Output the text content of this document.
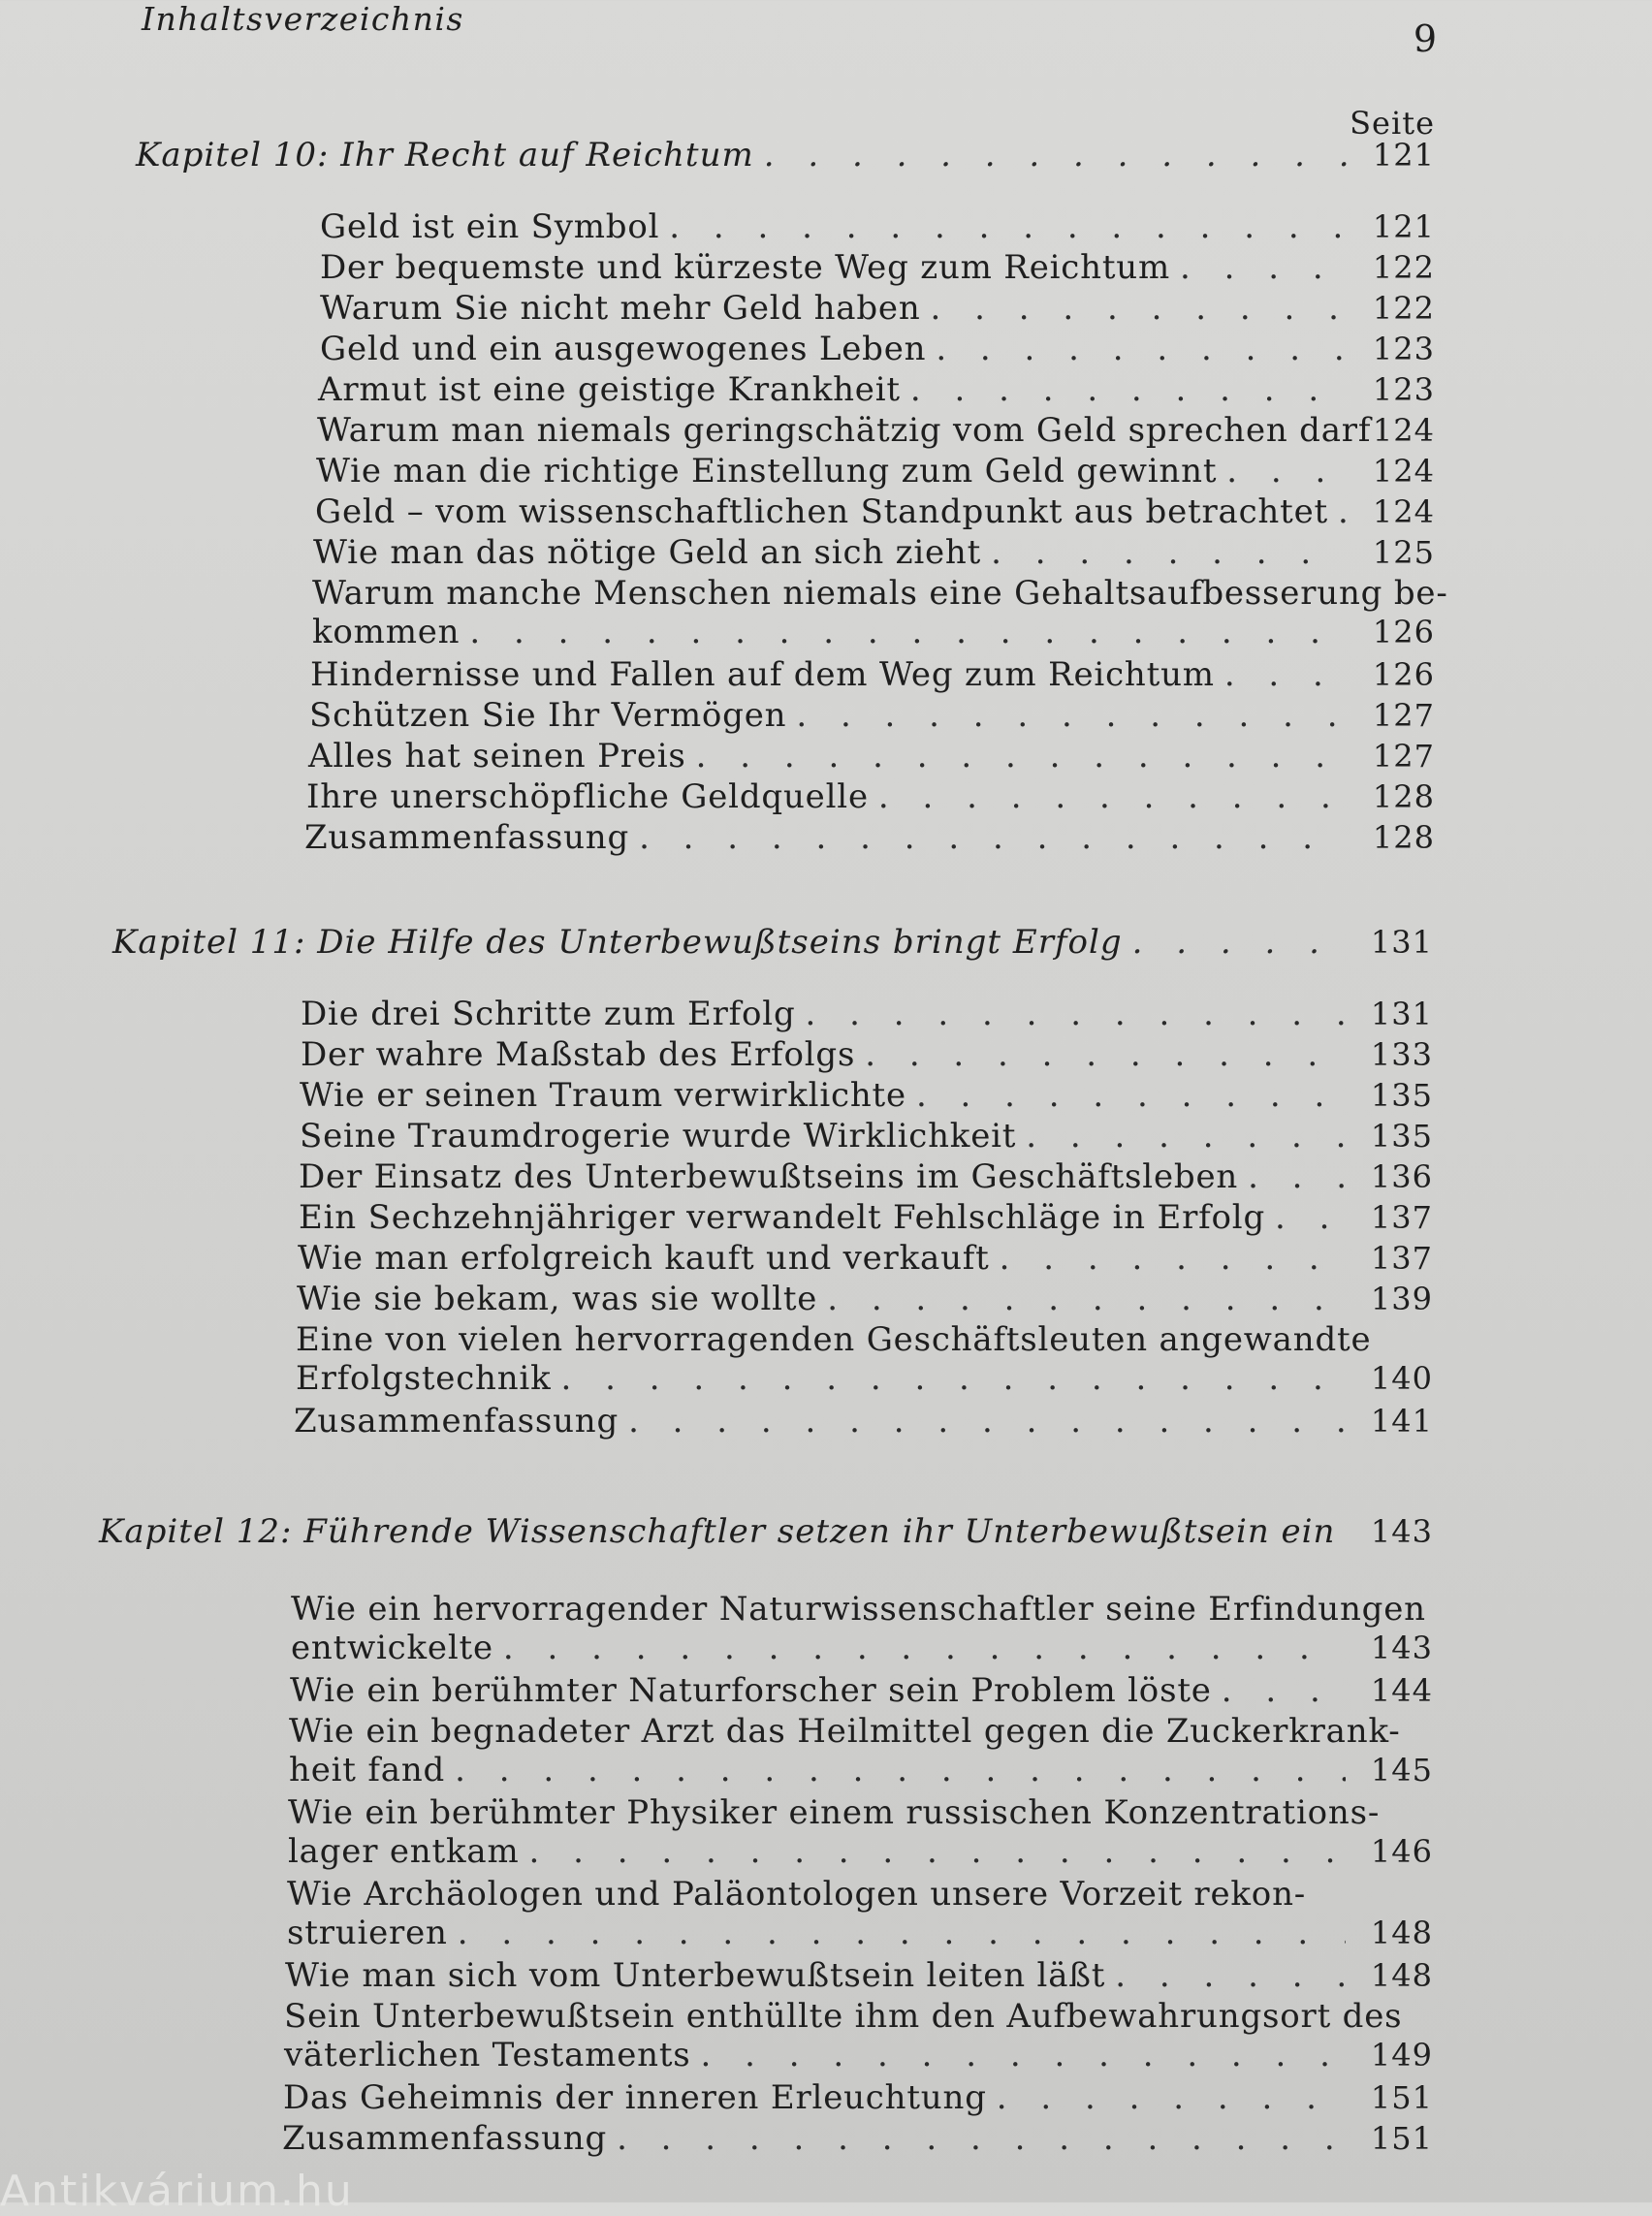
Inhaltsverzeichnis	9
Seite
Kapitel 10: Ihr Recht auf Reichtum . . .	121
Geld ist ein Symbol . . .	121
Der bequemste und kürzeste Weg zum Reichtum . . .	122
Warum Sie nicht mehr Geld haben . . .	122
Geld und ein ausgewogenes Leben . . .	123
Armut ist eine geistige Krankheit . . .	123
Warum man niemals geringschätzig vom Geld sprechen darf . . . 124
Wie man die richtige Einstellung zum Geld gewinnt . . .	124
Geld – vom wissenschaftlichen Standpunkt aus betrachtet . . .	124
Wie man das nötige Geld an sich zieht . . .	125
Warum manche Menschen niemals eine Gehaltsaufbesserung be-
kommen . . .	126
Hindernisse und Fallen auf dem Weg zum Reichtum . . .	126
Schützen Sie Ihr Vermögen . . .	127
Alles hat seinen Preis . . .	127
Ihre unerschöpfliche Geldquelle . . .	128
Zusammenfassung . . .	128
Kapitel 11: Die Hilfe des Unterbewußtseins bringt Erfolg . . .	131
Die drei Schritte zum Erfolg . . .	131
Der wahre Maßstab des Erfolgs . . .	133
Wie er seinen Traum verwirklichte . . .	135
Seine Traumdrogerie wurde Wirklichkeit . . .	135
Der Einsatz des Unterbewußtseins im Geschäftsleben . . .	136
Ein Sechzehnjähriger verwandelt Fehlschläge in Erfolg . . .	137
Wie man erfolgreich kauft und verkauft . . .	137
Wie sie bekam, was sie wollte . . .	139
Eine von vielen hervorragenden Geschäftsleuten angewandte
Erfolgstechnik . . .	140
Zusammenfassung . . .	141
Kapitel 12: Führende Wissenschaftler setzen ihr Unterbewußtsein ein . . .	143
Wie ein hervorragender Naturwissenschaftler seine Erfindungen
entwickelte . . .	143
Wie ein berühmter Naturforscher sein Problem löste . . .	144
Wie ein begnadeter Arzt das Heilmittel gegen die Zuckerkrank-
heit fand . . .	145
Wie ein berühmter Physiker einem russischen Konzentrations-
lager entkam . . .	146
Wie Archäologen und Paläontologen unsere Vorzeit rekon-
struieren . . .	148
Wie man sich vom Unterbewußtsein leiten läßt . . .	148
Sein Unterbewußtsein enthüllte ihm den Aufbewahrungsort des
väterlichen Testaments . . .	149
Das Geheimnis der inneren Erleuchtung . . .	151
Zusammenfassung . . .	151
Antikvárium.hu
